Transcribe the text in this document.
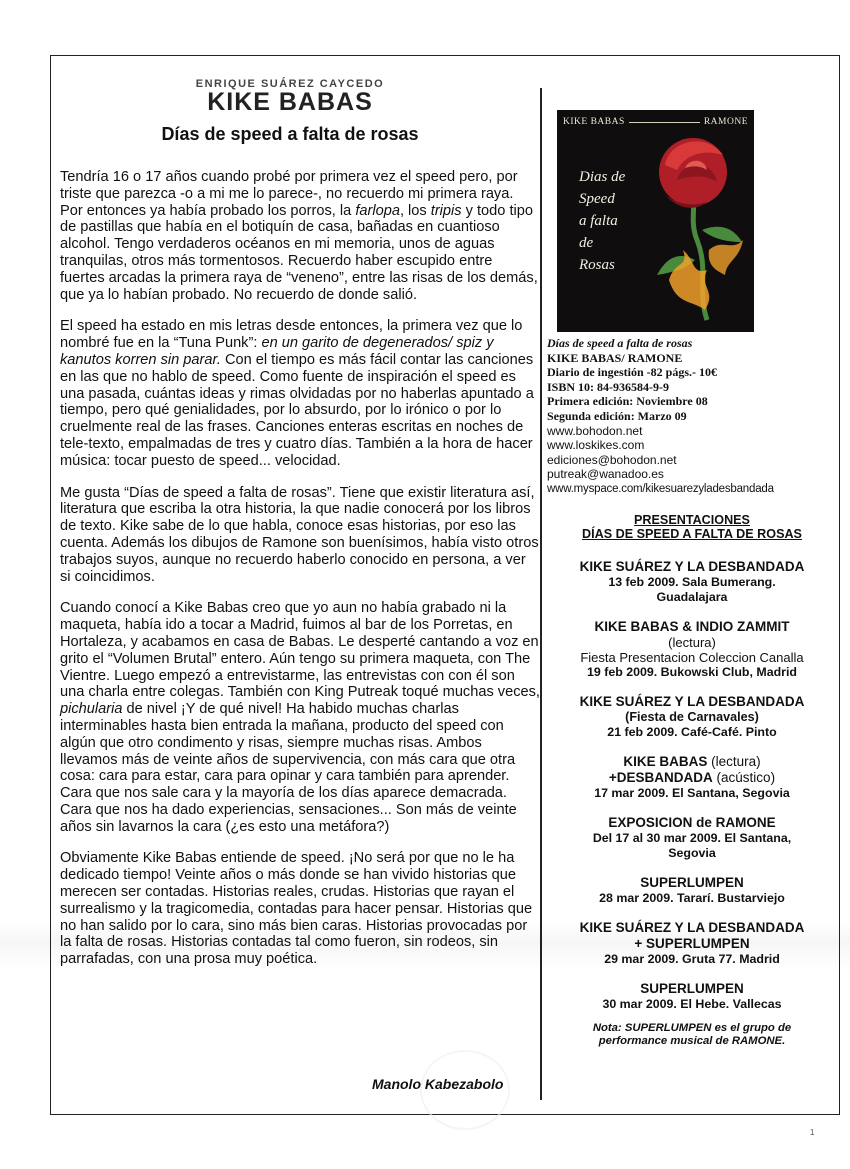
ENRIQUE SUÁREZ CAYCEDO
KIKE BABAS
Días de speed a falta de rosas

Tendría 16 o 17 años cuando probé por primera vez el speed pero, por triste que parezca -o a mi me lo parece-, no recuerdo mi primera raya. Por entonces ya había probado los porros, la farlopa, los tripis y todo tipo de pastillas que había en el botiquín de casa, bañadas en cuantioso alcohol. Tengo verdaderos océanos en mi memoria, unos de aguas tranquilas, otros más tormentosos. Recuerdo haber escupido entre fuertes arcadas la primera raya de “veneno”, entre las risas de los demás, que ya lo habían probado. No recuerdo de donde salió.

El speed ha estado en mis letras desde entonces, la primera vez que lo nombré fue en la “Tuna Punk”: en un garito de degenerados/ spiz y kanutos korren sin parar. Con el tiempo es más fácil contar las canciones en las que no hablo de speed. Como fuente de inspiración el speed es una pasada, cuántas ideas y rimas olvidadas por no haberlas apuntado a tiempo, pero qué genialidades, por lo absurdo, por lo irónico o por lo cruelmente real de las frases. Canciones enteras escritas en noches de tele-texto, empalmadas de tres y cuatro días. También a la hora de hacer música: tocar puesto de speed... velocidad.

Me gusta “Días de speed a falta de rosas”. Tiene que existir literatura así, literatura que escriba la otra historia, la que nadie conocerá por los libros de texto. Kike sabe de lo que habla, conoce esas historias, por eso las cuenta. Además los dibujos de Ramone son buenísimos, había visto otros trabajos suyos, aunque no recuerdo haberlo conocido en persona, a ver si coincidimos.

Cuando conocí a Kike Babas creo que yo aun no había grabado ni la maqueta, había ido a tocar a Madrid, fuimos al bar de los Porretas, en Hortaleza, y acabamos en casa de Babas. Le desperté cantando a voz en grito el “Volumen Brutal” entero. Aún tengo su primera maqueta, con The Vientre. Luego empezó a entrevistarme, las entrevistas con con él son una charla entre colegas. También con King Putreak toqué muchas veces, pichularia de nivel ¡Y de qué nivel! Ha habido muchas charlas interminables hasta bien entrada la mañana, producto del speed con algún que otro condimento y risas, siempre muchas risas. Ambos llevamos más de veinte años de supervivencia, con más cara que otra cosa: cara para estar, cara para opinar y cara también para aprender. Cara que nos sale cara y la mayoría de los días aparece demacrada. Cara que nos ha dado experiencias, sensaciones... Son más de veinte años sin lavarnos la cara (¿es esto una metáfora?)

Obviamente Kike Babas entiende de speed. ¡No será por que no le ha dedicado tiempo! Veinte años o más donde se han vivido historias que merecen ser contadas. Historias reales, crudas. Historias que rayan el surrealismo y la tragicomedia, contadas para hacer pensar. Historias que no han salido por lo cara, sino más bien caras. Historias provocadas por la falta de rosas. Historias contadas tal como fueron, sin rodeos, sin parrafadas, con una prosa muy poética.

Manolo Kabezabolo
KIKE BABAS	RAMONE
Dias de
Speed
a falta
de
Rosas
Días de speed a falta de rosas
KIKE BABAS/ RAMONE
Diario de ingestión -82 págs.- 10€
ISBN 10: 84-936584-9-9
Primera edición: Noviembre 08
Segunda edición: Marzo 09
www.bohodon.net
www.loskikes.com
ediciones@bohodon.net
putreak@wanadoo.es
www.myspace.com/kikesuarezyladesbandada
PRESENTACIONES
DÍAS DE SPEED A FALTA DE ROSAS
KIKE SUÁREZ Y LA DESBANDADA
13 feb 2009. Sala Bumerang.
Guadalajara
KIKE BABAS & INDIO ZAMMIT
(lectura)
Fiesta Presentacion Coleccion Canalla
19 feb 2009. Bukowski Club, Madrid
KIKE SUÁREZ Y LA DESBANDADA
(Fiesta de Carnavales)
21 feb 2009. Café-Café. Pinto
KIKE BABAS (lectura)
+DESBANDADA (acústico)
17 mar 2009. El Santana, Segovia
EXPOSICION de RAMONE
Del 17 al 30 mar 2009. El Santana,
Segovia
SUPERLUMPEN
28 mar 2009. Tararí. Bustarviejo
KIKE SUÁREZ Y LA DESBANDADA
+ SUPERLUMPEN
29 mar 2009. Gruta 77. Madrid
SUPERLUMPEN
30 mar 2009. El Hebe. Vallecas
Nota: SUPERLUMPEN es el grupo de
performance musical de RAMONE.
1
